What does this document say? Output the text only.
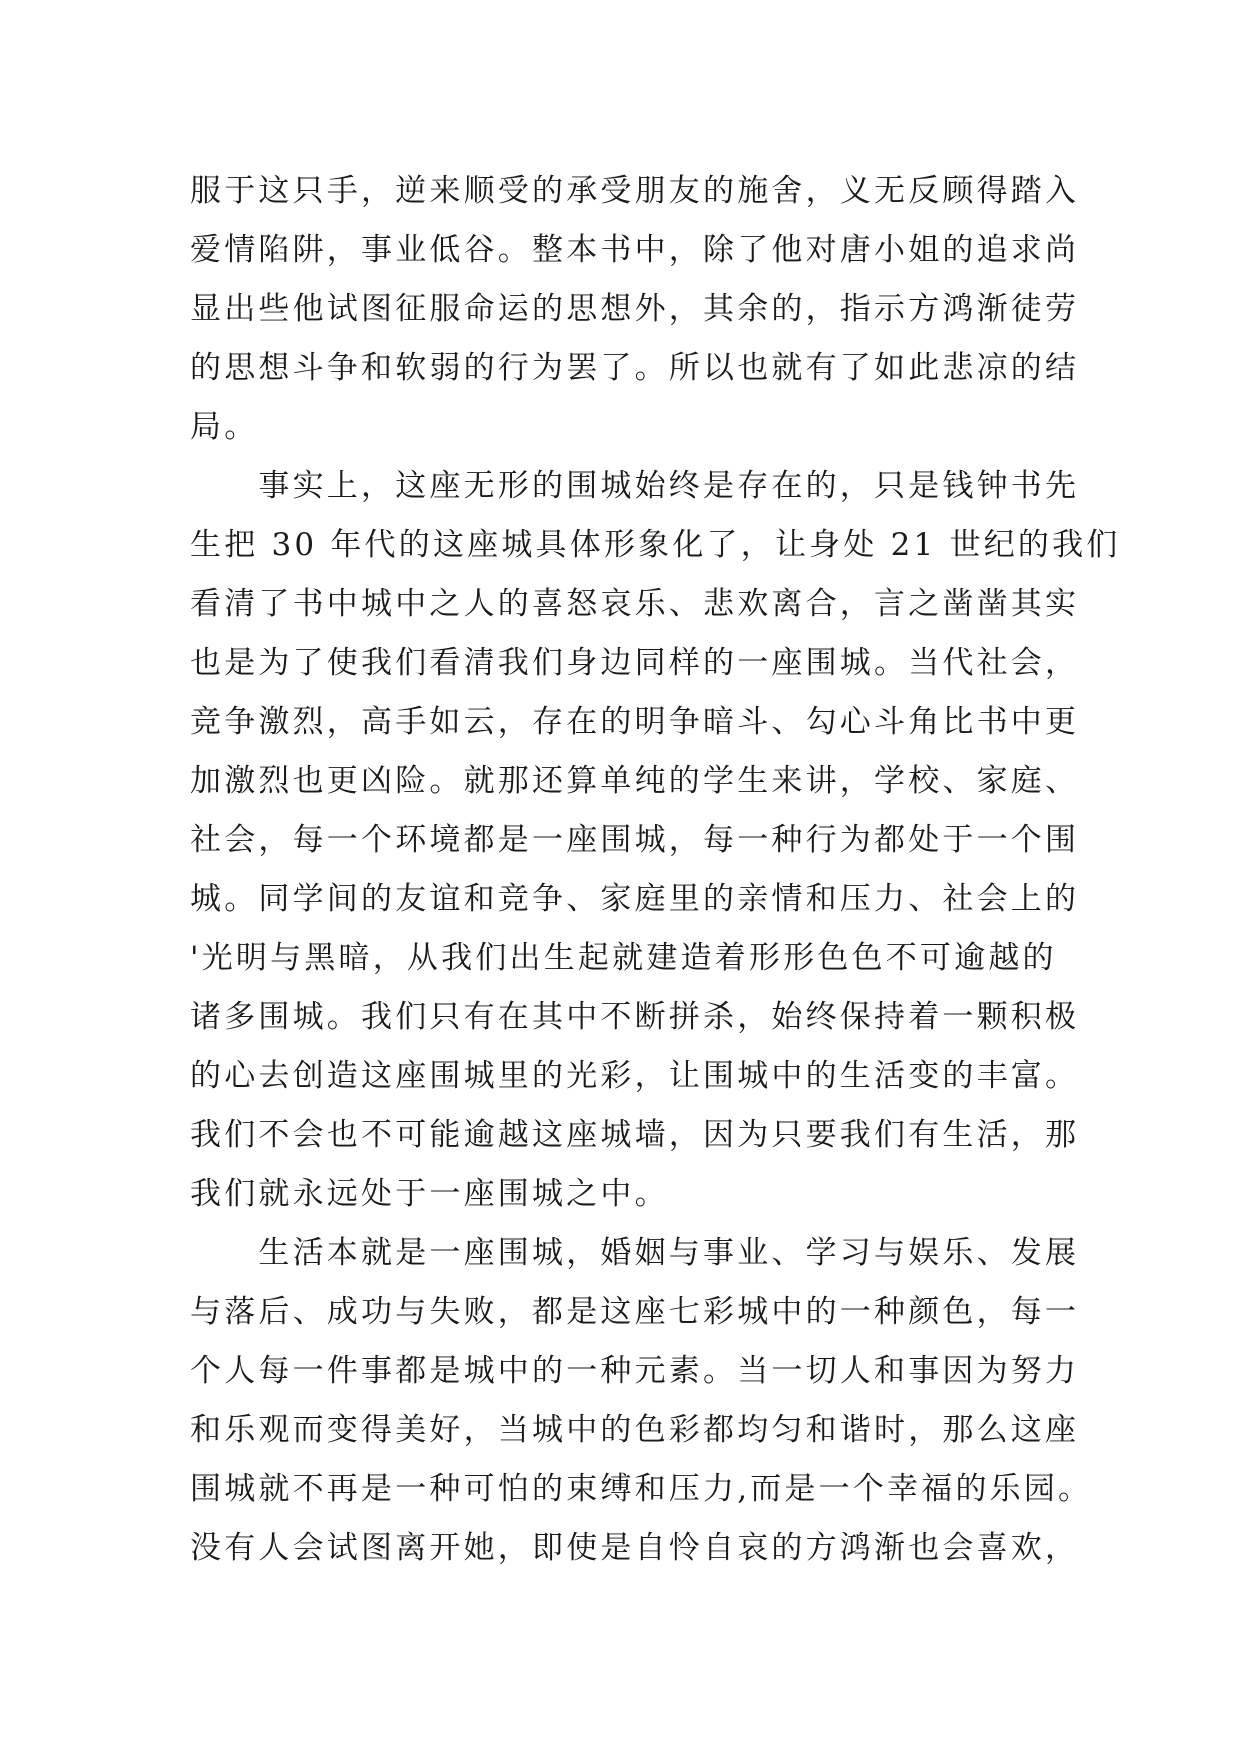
服于这只手，逆来顺受的承受朋友的施舍，义无反顾得踏入
爱情陷阱，事业低谷。整本书中，除了他对唐小姐的追求尚
显出些他试图征服命运的思想外，其余的，指示方鸿渐徒劳
的思想斗争和软弱的行为罢了。所以也就有了如此悲凉的结
局。
　　事实上，这座无形的围城始终是存在的，只是钱钟书先
生把 30 年代的这座城具体形象化了，让身处 21 世纪的我们
看清了书中城中之人的喜怒哀乐、悲欢离合，言之凿凿其实
也是为了使我们看清我们身边同样的一座围城。当代社会，
竞争激烈，高手如云，存在的明争暗斗、勾心斗角比书中更
加激烈也更凶险。就那还算单纯的学生来讲，学校、家庭、
社会，每一个环境都是一座围城，每一种行为都处于一个围
城。同学间的友谊和竞争、家庭里的亲情和压力、社会上的
'光明与黑暗，从我们出生起就建造着形形色色不可逾越的
诸多围城。我们只有在其中不断拼杀，始终保持着一颗积极
的心去创造这座围城里的光彩，让围城中的生活变的丰富。
我们不会也不可能逾越这座城墙，因为只要我们有生活，那
我们就永远处于一座围城之中。
　　生活本就是一座围城，婚姻与事业、学习与娱乐、发展
与落后、成功与失败，都是这座七彩城中的一种颜色，每一
个人每一件事都是城中的一种元素。当一切人和事因为努力
和乐观而变得美好，当城中的色彩都均匀和谐时，那么这座
围城就不再是一种可怕的束缚和压力,而是一个幸福的乐园。
没有人会试图离开她，即使是自怜自哀的方鸿渐也会喜欢，
